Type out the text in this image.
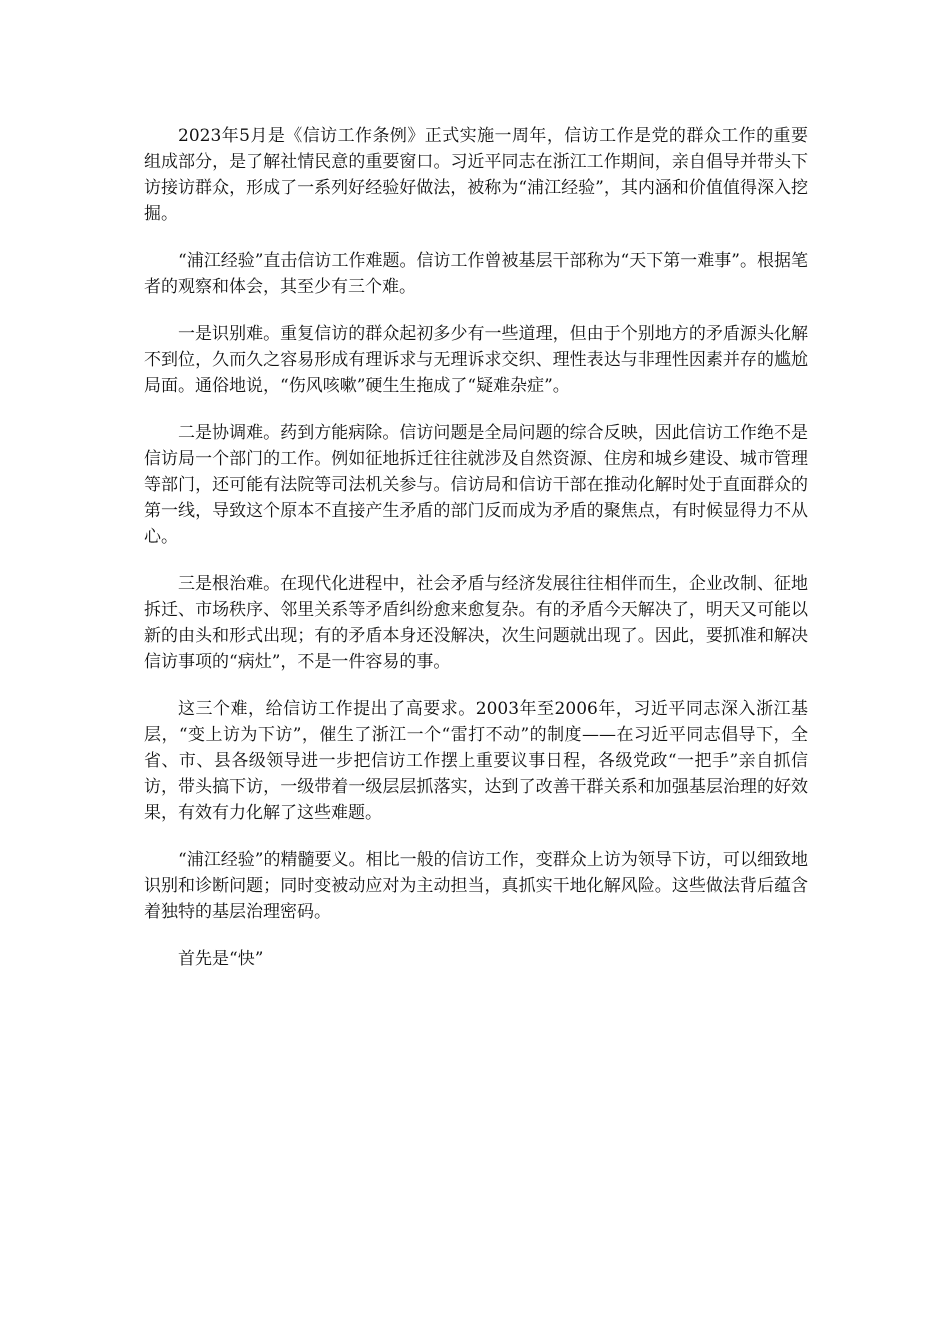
2023年5月是《信访工作条例》正式实施一周年，信访工作是党的群众工作的重要组成部分，是了解社情民意的重要窗口。习近平同志在浙江工作期间，亲自倡导并带头下访接访群众，形成了一系列好经验好做法，被称为“浦江经验”，其内涵和价值值得深入挖掘。

“浦江经验”直击信访工作难题。信访工作曾被基层干部称为“天下第一难事”。根据笔者的观察和体会，其至少有三个难。

一是识别难。重复信访的群众起初多少有一些道理，但由于个别地方的矛盾源头化解不到位，久而久之容易形成有理诉求与无理诉求交织、理性表达与非理性因素并存的尴尬局面。通俗地说，“伤风咳嗽”硬生生拖成了“疑难杂症”。

二是协调难。药到方能病除。信访问题是全局问题的综合反映，因此信访工作绝不是信访局一个部门的工作。例如征地拆迁往往就涉及自然资源、住房和城乡建设、城市管理等部门，还可能有法院等司法机关参与。信访局和信访干部在推动化解时处于直面群众的第一线，导致这个原本不直接产生矛盾的部门反而成为矛盾的聚焦点，有时候显得力不从心。

三是根治难。在现代化进程中，社会矛盾与经济发展往往相伴而生，企业改制、征地拆迁、市场秩序、邻里关系等矛盾纠纷愈来愈复杂。有的矛盾今天解决了，明天又可能以新的由头和形式出现；有的矛盾本身还没解决，次生问题就出现了。因此，要抓准和解决信访事项的“病灶”，不是一件容易的事。

这三个难，给信访工作提出了高要求。2003年至2006年，习近平同志深入浙江基层，“变上访为下访”，催生了浙江一个“雷打不动”的制度——在习近平同志倡导下，全省、市、县各级领导进一步把信访工作摆上重要议事日程，各级党政“一把手”亲自抓信访，带头搞下访，一级带着一级层层抓落实，达到了改善干群关系和加强基层治理的好效果，有效有力化解了这些难题。

“浦江经验”的精髓要义。相比一般的信访工作，变群众上访为领导下访，可以细致地识别和诊断问题；同时变被动应对为主动担当，真抓实干地化解风险。这些做法背后蕴含着独特的基层治理密码。

首先是“快”
